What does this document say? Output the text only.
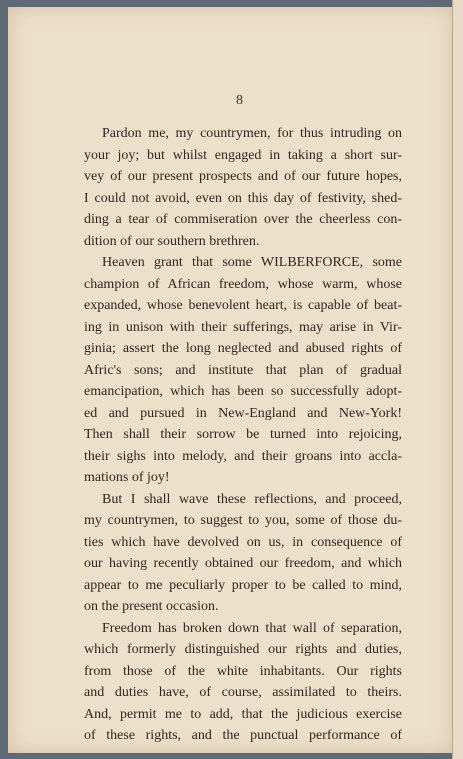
8

Pardon me, my countrymen, for thus intruding on
your joy; but whilst engaged in taking a short sur-
vey of our present prospects and of our future hopes,
I could not avoid, even on this day of festivity, shed-
ding a tear of commiseration over the cheerless con-
dition of our southern brethren.

Heaven grant that some WILBERFORCE, some
champion of African freedom, whose warm, whose
expanded, whose benevolent heart, is capable of beat-
ing in unison with their sufferings, may arise in Vir-
ginia; assert the long neglected and abused rights of
Afric's sons; and institute that plan of gradual
emancipation, which has been so successfully adopt-
ed and pursued in New-England and New-York!
Then shall their sorrow be turned into rejoicing,
their sighs into melody, and their groans into accla-
mations of joy!

But I shall wave these reflections, and proceed,
my countrymen, to suggest to you, some of those du-
ties which have devolved on us, in consequence of
our having recently obtained our freedom, and which
appear to me peculiarly proper to be called to mind,
on the present occasion.

Freedom has broken down that wall of separation,
which formerly distinguished our rights and duties,
from those of the white inhabitants. Our rights
and duties have, of course, assimilated to theirs.
And, permit me to add, that the judicious exercise
of these rights, and the punctual performance of
